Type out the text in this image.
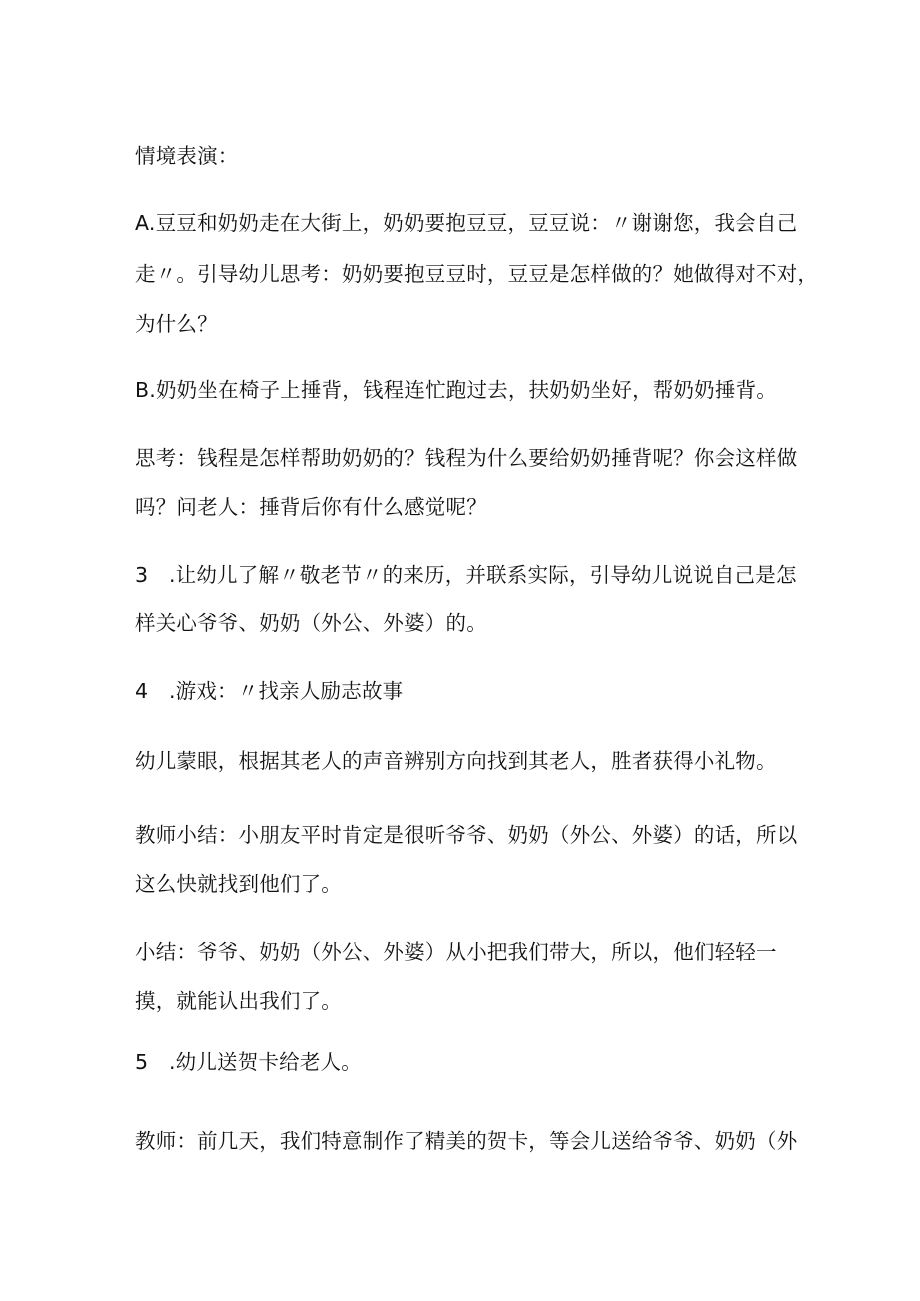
情境表演：
A.豆豆和奶奶走在大街上，奶奶要抱豆豆，豆豆说：〃谢谢您，我会自己
走〃。引导幼儿思考：奶奶要抱豆豆时，豆豆是怎样做的？她做得对不对，
为什么？
B.奶奶坐在椅子上捶背，钱程连忙跑过去，扶奶奶坐好，帮奶奶捶背。
思考：钱程是怎样帮助奶奶的？钱程为什么要给奶奶捶背呢？你会这样做
吗？问老人：捶背后你有什么感觉呢？
3　.让幼儿了解〃敬老节〃的来历，并联系实际，引导幼儿说说自己是怎
样关心爷爷、奶奶（外公、外婆）的。
4　.游戏：〃找亲人励志故事
幼儿蒙眼，根据其老人的声音辨别方向找到其老人，胜者获得小礼物。
教师小结：小朋友平时肯定是很听爷爷、奶奶（外公、外婆）的话，所以
这么快就找到他们了。
小结：爷爷、奶奶（外公、外婆）从小把我们带大，所以，他们轻轻一
摸，就能认出我们了。
5　.幼儿送贺卡给老人。
教师：前几天，我们特意制作了精美的贺卡，等会儿送给爷爷、奶奶（外
